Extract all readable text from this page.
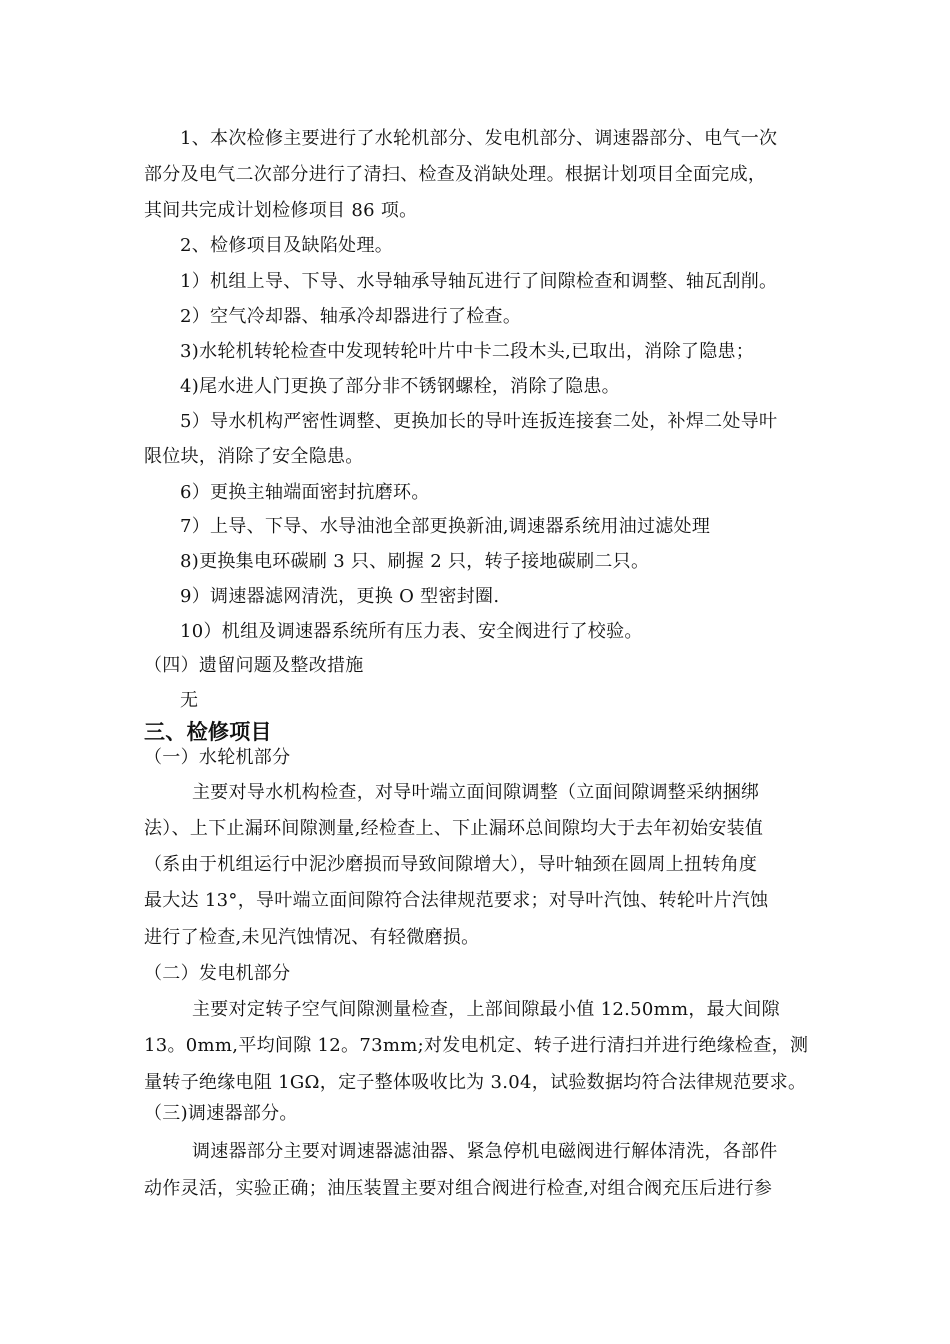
1、本次检修主要进行了水轮机部分、发电机部分、调速器部分、电气一次
部分及电气二次部分进行了清扫、检查及消缺处理。根据计划项目全面完成，
其间共完成计划检修项目 86 项。
2、检修项目及缺陷处理。
1）机组上导、下导、水导轴承导轴瓦进行了间隙检查和调整、轴瓦刮削。
2）空气冷却器、轴承冷却器进行了检查。
3)水轮机转轮检查中发现转轮叶片中卡二段木头,已取出，消除了隐患；
4)尾水进人门更换了部分非不锈钢螺栓，消除了隐患。
5）导水机构严密性调整、更换加长的导叶连扳连接套二处，补焊二处导叶
限位块，消除了安全隐患。
6）更换主轴端面密封抗磨环。
7）上导、下导、水导油池全部更换新油,调速器系统用油过滤处理
8)更换集电环碳刷 3 只、刷握 2 只，转子接地碳刷二只。
9）调速器滤网清洗，更换 O 型密封圈.
10）机组及调速器系统所有压力表、安全阀进行了校验。
（四）遗留问题及整改措施
无
三、检修项目
（一）水轮机部分
主要对导水机构检查，对导叶端立面间隙调整（立面间隙调整采纳捆绑
法）、上下止漏环间隙测量,经检查上、下止漏环总间隙均大于去年初始安装值
（系由于机组运行中泥沙磨损而导致间隙增大），导叶轴颈在圆周上扭转角度
最大达 13°，导叶端立面间隙符合法律规范要求；对导叶汽蚀、转轮叶片汽蚀
进行了检查,未见汽蚀情况、有轻微磨损。
（二）发电机部分
主要对定转子空气间隙测量检查，上部间隙最小值 12.50mm，最大间隙
13。0mm,平均间隙 12。73mm;对发电机定、转子进行清扫并进行绝缘检查，测
量转子绝缘电阻 1GΩ，定子整体吸收比为 3.04，试验数据均符合法律规范要求。
（三)调速器部分。
调速器部分主要对调速器滤油器、紧急停机电磁阀进行解体清洗，各部件
动作灵活，实验正确；油压装置主要对组合阀进行检查,对组合阀充压后进行参
